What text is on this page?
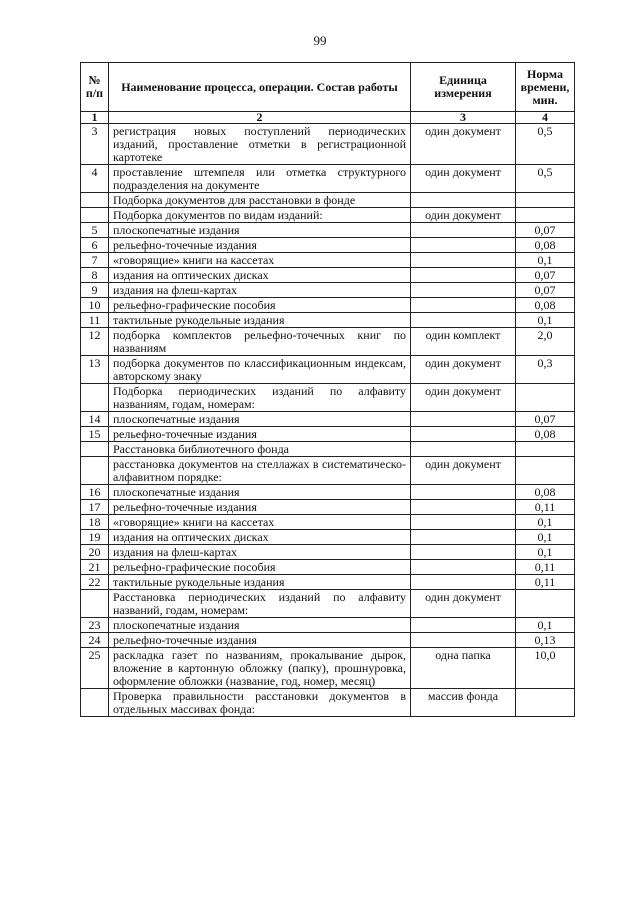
99
№ п/п	Наименование процесса, операции. Состав работы	Единица измерения	Норма времени, мин.
1	2	3	4
3	регистрация новых поступлений периодических изданий, проставление отметки в регистрационной картотеке	один документ	0,5
4	проставление штемпеля или отметка структурного подразделения на документе	один документ	0,5
	Подборка документов для расстановки в фонде		
	Подборка документов по видам изданий:	один документ	
5	плоскопечатные издания		0,07
6	рельефно-точечные издания		0,08
7	«говорящие» книги на кассетах		0,1
8	издания на оптических дисках		0,07
9	издания на флеш-картах		0,07
10	рельефно-графические пособия		0,08
11	тактильные рукодельные издания		0,1
12	подборка комплектов рельефно-точечных книг по названиям	один комплект	2,0
13	подборка документов по классификационным индексам, авторскому знаку	один документ	0,3
	Подборка периодических изданий по алфавиту названиям, годам, номерам:	один документ	
14	плоскопечатные издания		0,07
15	рельефно-точечные издания		0,08
	Расстановка библиотечного фонда		
	расстановка документов на стеллажах в систематическо-алфавитном порядке:	один документ	
16	плоскопечатные издания		0,08
17	рельефно-точечные издания		0,11
18	«говорящие» книги на кассетах		0,1
19	издания на оптических дисках		0,1
20	издания на флеш-картах		0,1
21	рельефно-графические пособия		0,11
22	тактильные рукодельные издания		0,11
	Расстановка периодических изданий по алфавиту названий, годам, номерам:	один документ	
23	плоскопечатные издания		0,1
24	рельефно-точечные издания		0,13
25	раскладка газет по названиям, прокалывание дырок, вложение в картонную обложку (папку), прошнуровка, оформление обложки (название, год, номер, месяц)	одна папка	10,0
	Проверка правильности расстановки документов в отдельных массивах фонда:	массив фонда	
